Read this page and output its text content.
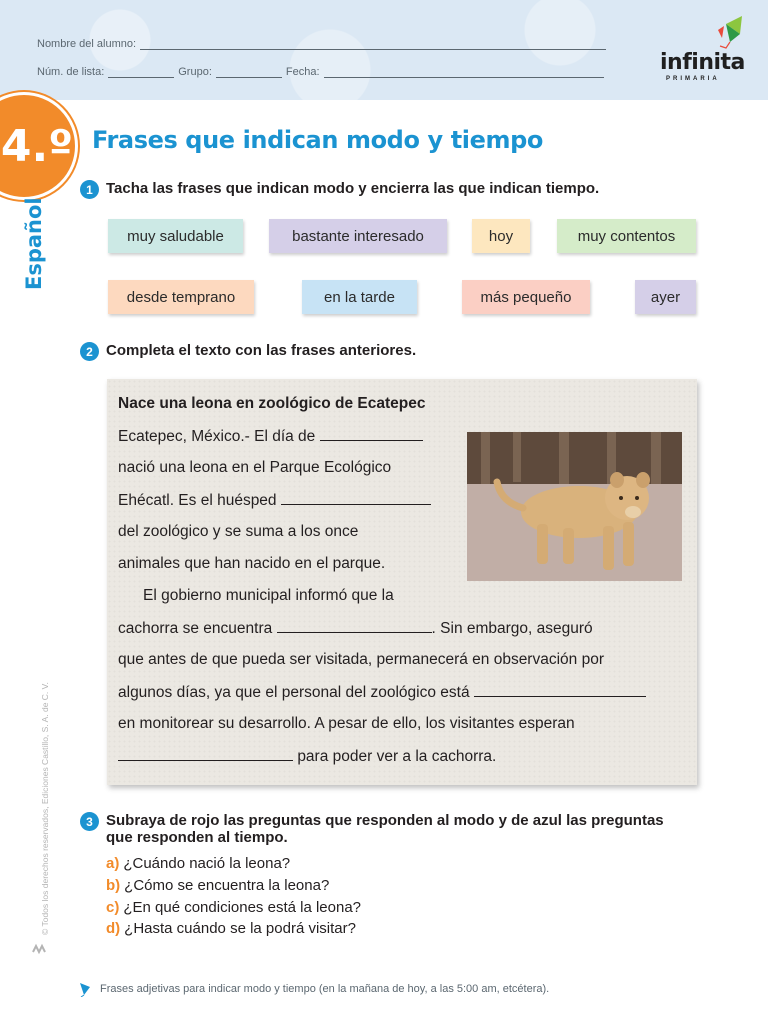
Nombre del alumno:
Núm. de lista:	Grupo:	Fecha:	infinita
PRIMARIA
4.º
Español
Frases que indican modo y tiempo
1 Tacha las frases que indican modo y encierra las que indican tiempo.
muy saludable	bastante interesado	hoy	muy contentos
desde temprano	en la tarde	más pequeño	ayer
2 Completa el texto con las frases anteriores.
Nace una leona en zoológico de Ecatepec
Ecatepec, México.- El día de
nació una leona en el Parque Ecológico
Ehécatl. Es el huésped
del zoológico y se suma a los once
animales que han nacido en el parque.
El gobierno municipal informó que la
cachorra se encuentra	. Sin embargo, aseguró
que antes de que pueda ser visitada, permanecerá en observación por
algunos días, ya que el personal del zoológico está
en monitorear su desarrollo. A pesar de ello, los visitantes esperan
para poder ver a la cachorra.
3 Subraya de rojo las preguntas que responden al modo y de azul las preguntas
que responden al tiempo.
a) ¿Cuándo nació la leona?
b) ¿Cómo se encuentra la leona?
c) ¿En qué condiciones está la leona?
d) ¿Hasta cuándo se la podrá visitar?
© Todos los derechos reservados, Ediciones Castillo, S. A. de C. V.
Frases adjetivas para indicar modo y tiempo (en la mañana de hoy, a las 5:00 am, etcétera).
